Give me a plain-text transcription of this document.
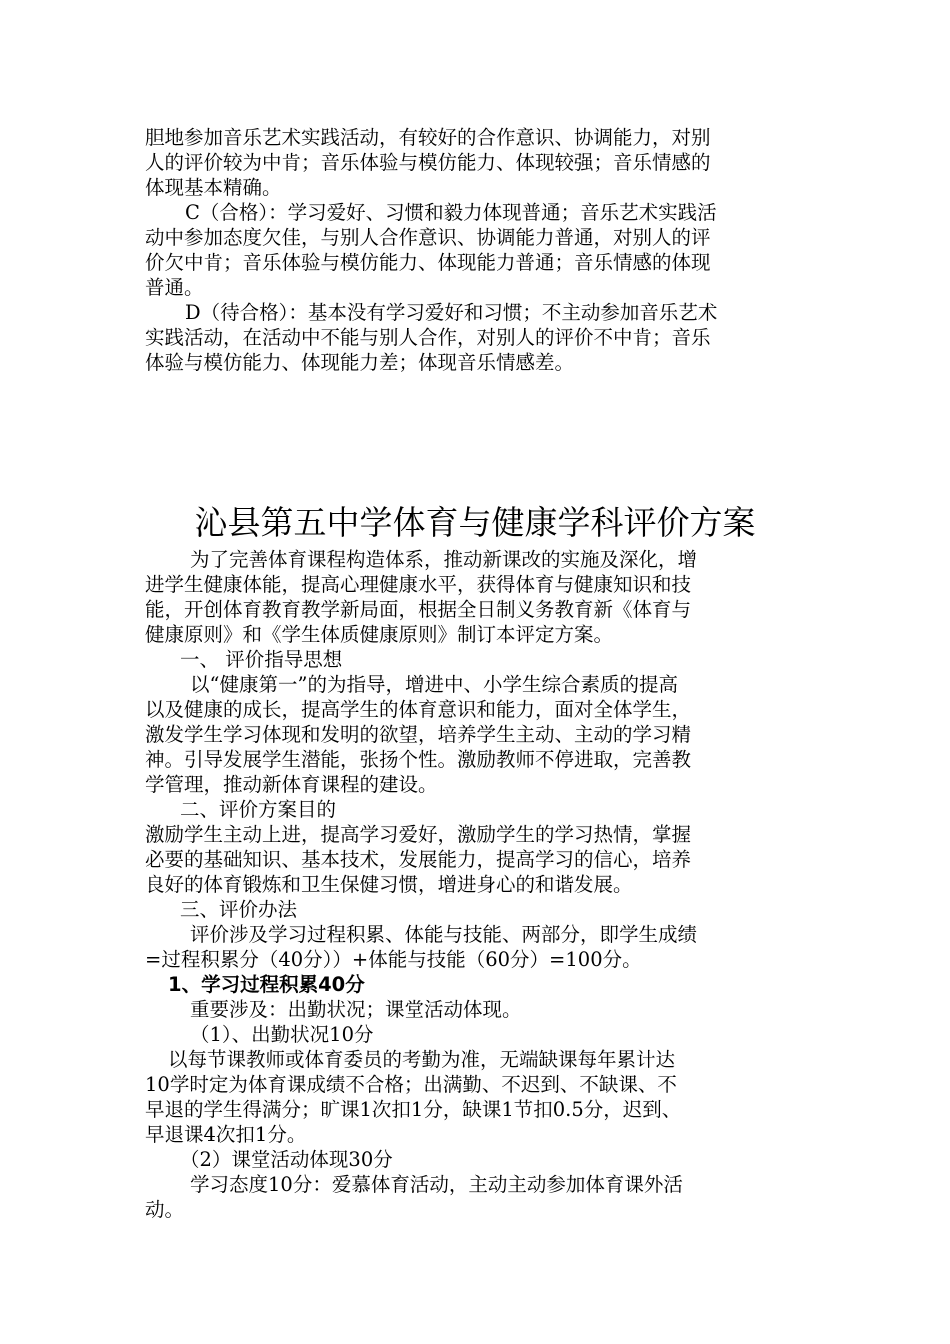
胆地参加音乐艺术实践活动，有较好的合作意识、协调能力，对别
人的评价较为中肯；音乐体验与模仿能力、体现较强；音乐情感的
体现基本精确。
C（合格）：学习爱好、习惯和毅力体现普通；音乐艺术实践活
动中参加态度欠佳，与别人合作意识、协调能力普通，对别人的评
价欠中肯；音乐体验与模仿能力、体现能力普通；音乐情感的体现
普通。
D（待合格）：基本没有学习爱好和习惯；不主动参加音乐艺术
实践活动，在活动中不能与别人合作，对别人的评价不中肯；音乐
体验与模仿能力、体现能力差；体现音乐情感差。
沁县第五中学体育与健康学科评价方案
为了完善体育课程构造体系，推动新课改的实施及深化，增
进学生健康体能，提高心理健康水平，获得体育与健康知识和技
能，开创体育教育教学新局面，根据全日制义务教育新《体育与
健康原则》和《学生体质健康原则》制订本评定方案。
一、 评价指导思想
以“健康第一”的为指导，增进中、小学生综合素质的提高
以及健康的成长，提高学生的体育意识和能力，面对全体学生，
激发学生学习体现和发明的欲望，培养学生主动、主动的学习精
神。引导发展学生潜能，张扬个性。激励教师不停进取，完善教
学管理，推动新体育课程的建设。
二、评价方案目的
激励学生主动上进，提高学习爱好，激励学生的学习热情，掌握
必要的基础知识、基本技术，发展能力，提高学习的信心，培养
良好的体育锻炼和卫生保健习惯，增进身心的和谐发展。
三、评价办法
评价涉及学习过程积累、体能与技能、两部分，即学生成绩
=过程积累分（40分））+体能与技能（60分）=100分。
1、学习过程积累40分
重要涉及：出勤状况；课堂活动体现。
（1）、出勤状况10分
以每节课教师或体育委员的考勤为准，无端缺课每年累计达
10学时定为体育课成绩不合格；出满勤、不迟到、不缺课、不
早退的学生得满分；旷课1次扣1分，缺课1节扣0.5分，迟到、
早退课4次扣1分。
（2）课堂活动体现30分
学习态度10分：爱慕体育活动，主动主动参加体育课外活
动。
